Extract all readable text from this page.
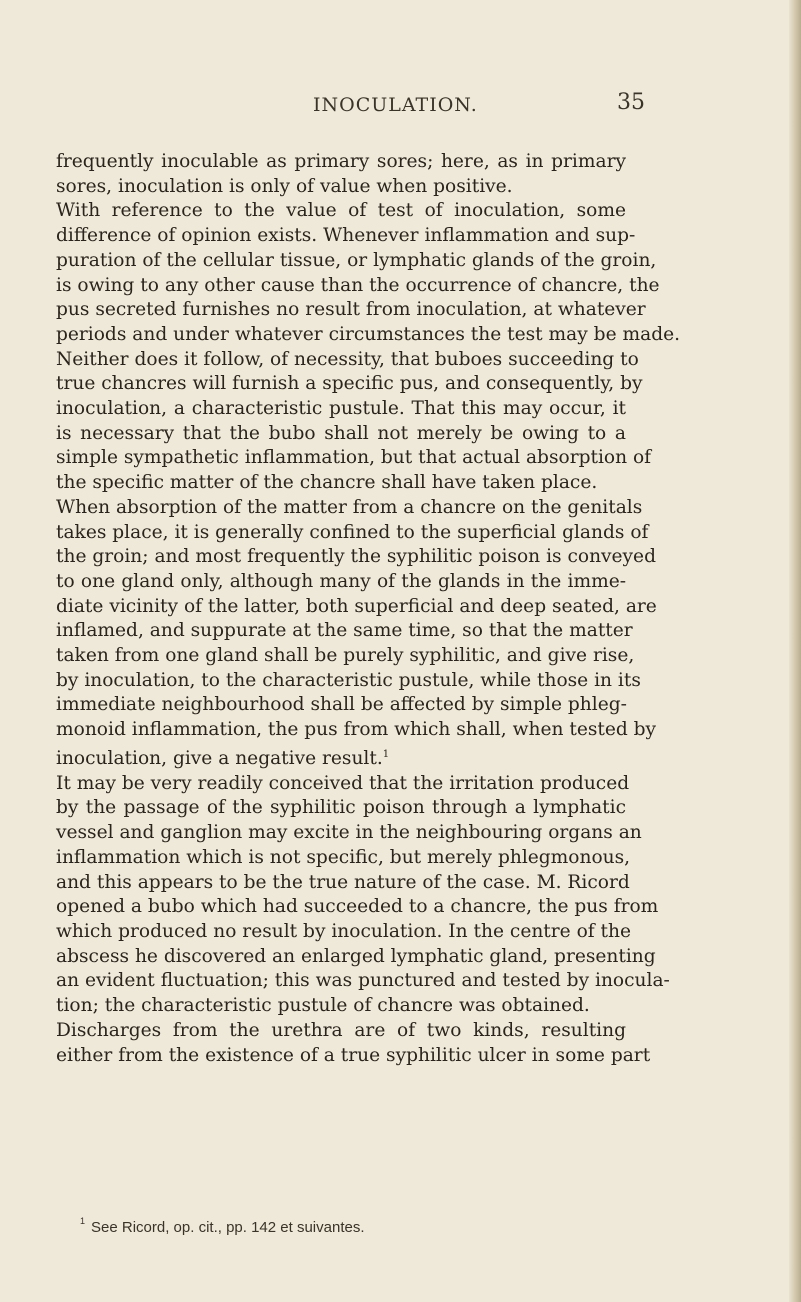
INOCULATION.	35
frequently inoculable as primary sores; here, as in primary
sores, inoculation is only of value when positive.
With reference to the value of test of inoculation, some
difference of opinion exists. Whenever inflammation and sup-
puration of the cellular tissue, or lymphatic glands of the groin,
is owing to any other cause than the occurrence of chancre, the
pus secreted furnishes no result from inoculation, at whatever
periods and under whatever circumstances the test may be made.
Neither does it follow, of necessity, that buboes succeeding to
true chancres will furnish a specific pus, and consequently, by
inoculation, a characteristic pustule. That this may occur, it
is necessary that the bubo shall not merely be owing to a
simple sympathetic inflammation, but that actual absorption of
the specific matter of the chancre shall have taken place.
When absorption of the matter from a chancre on the genitals
takes place, it is generally confined to the superficial glands of
the groin; and most frequently the syphilitic poison is conveyed
to one gland only, although many of the glands in the imme-
diate vicinity of the latter, both superficial and deep seated, are
inflamed, and suppurate at the same time, so that the matter
taken from one gland shall be purely syphilitic, and give rise,
by inoculation, to the characteristic pustule, while those in its
immediate neighbourhood shall be affected by simple phleg-
monoid inflammation, the pus from which shall, when tested by
inoculation, give a negative result.$^1$
It may be very readily conceived that the irritation produced
by the passage of the syphilitic poison through a lymphatic
vessel and ganglion may excite in the neighbouring organs an
inflammation which is not specific, but merely phlegmonous,
and this appears to be the true nature of the case. M. Ricord
opened a bubo which had succeeded to a chancre, the pus from
which produced no result by inoculation. In the centre of the
abscess he discovered an enlarged lymphatic gland, presenting
an evident fluctuation; this was punctured and tested by inocula-
tion; the characteristic pustule of chancre was obtained.
Discharges from the urethra are of two kinds, resulting
either from the existence of a true syphilitic ulcer in some part
$^1$ See Ricord, op. cit., pp. 142 et suivantes.
